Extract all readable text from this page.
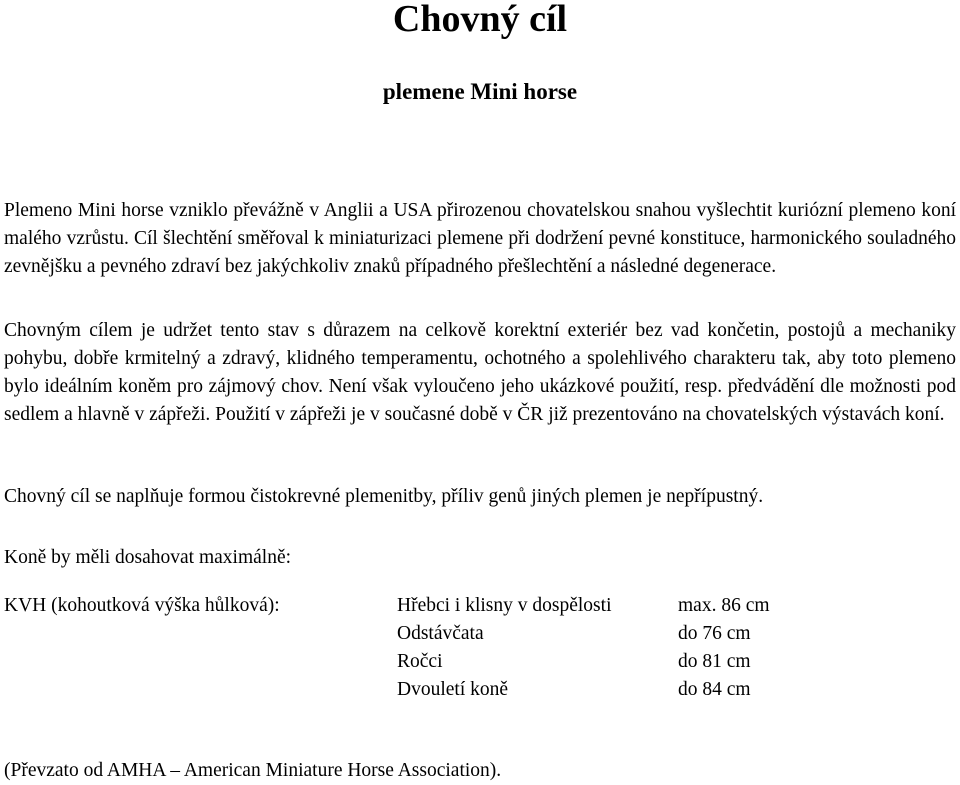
Chovný cíl
plemene Mini horse
Plemeno Mini horse vzniklo převážně v Anglii a USA přirozenou chovatelskou snahou vyšlechtit kuriózní plemeno koní malého vzrůstu. Cíl šlechtění směřoval k miniaturizaci plemene při dodržení pevné konstituce, harmonického souladného zevnějšku a pevného zdraví bez jakýchkoliv znaků případného přešlechtění a následné degenerace.
Chovným cílem je udržet tento stav s důrazem na celkově korektní exteriér bez vad končetin, postojů a mechaniky pohybu, dobře krmitelný a zdravý, klidného temperamentu, ochotného a spolehlivého charakteru tak, aby toto plemeno bylo ideálním koněm pro zájmový chov. Není však vyloučeno jeho ukázkové použití, resp. předvádění dle možnosti pod sedlem a hlavně v zápřeži. Použití v zápřeži je v současné době v ČR již prezentováno na chovatelských výstavách koní.
Chovný cíl se naplňuje formou čistokrevné plemenitby, příliv genů jiných plemen je nepřípustný.
Koně by měli dosahovat maximálně:
KVH (kohoutková výška hůlková):	Hřebci i klisny v dospělosti	max. 86 cm
Odstávčata	do 76 cm
Ročci	do 81 cm
Dvouletí koně	do 84 cm
(Převzato od AMHA – American Miniature Horse Association).
